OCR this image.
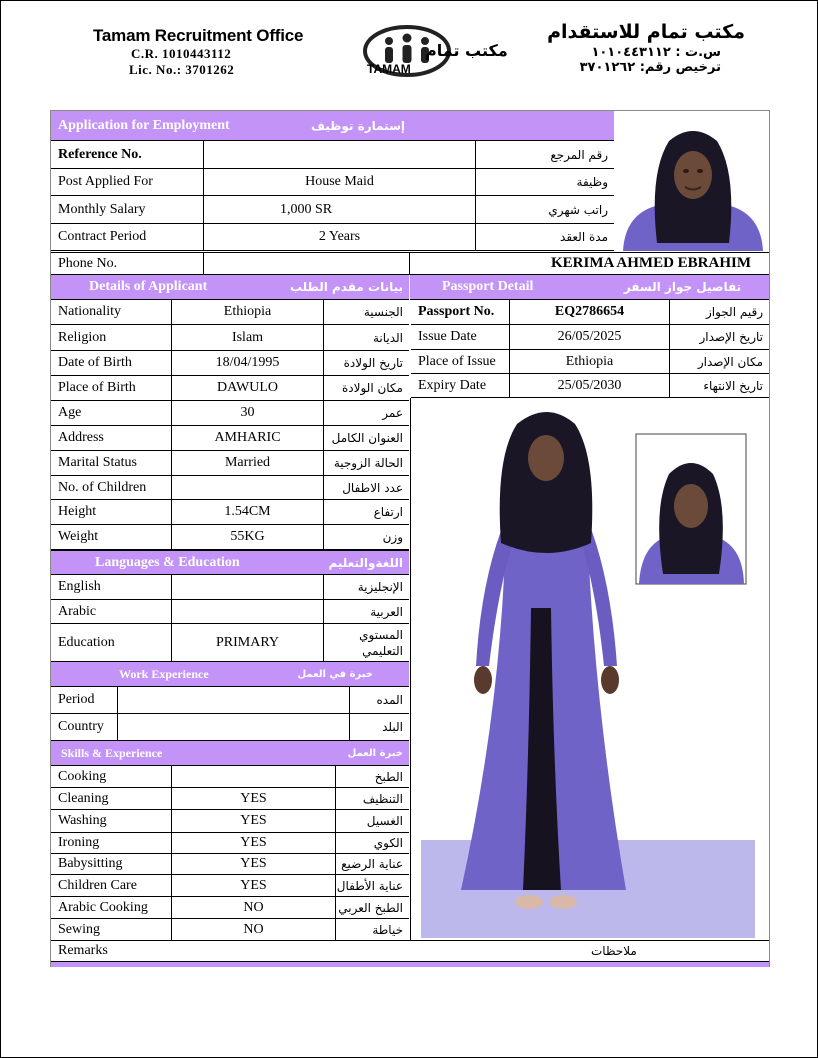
Tamam Recruitment Office
C.R. 1010443112
Lic. No.: 3701262
مكتب تمام
TAMAM
مكتب تمام للاستقدام
س.ت : ١٠١٠٤٤٣١١٢
ترخيص رقم: ٣٧٠١٢٦٢
Application for Employment	إستمارة توظيف
Reference No.	رقم المرجع
Post Applied For	House Maid	وظيفة
Monthly Salary	1,000 SR	راتب شهري
Contract Period	2 Years	مدة العقد
Phone No.	KERIMA AHMED EBRAHIM
Details of Applicant	بيانات مقدم الطلب	Passport Detail	تفاصيل جواز السفر
Nationality	Ethiopia	الجنسية
Religion	Islam	الديانة
Date of Birth	18/04/1995	تاريخ الولادة
Place of Birth	DAWULO	مكان الولادة
Age	30	عمر
Address	AMHARIC	العنوان الكامل
Marital Status	Married	الحالة الزوجية
No. of Children	عدد الاطفال
Height	1.54CM	ارتفاع
Weight	55KG	وزن
Passport No.	EQ2786654	رقيم الجواز
Issue Date	26/05/2025	تاريخ الإصدار
Place of Issue	Ethiopia	مكان الإصدار
Expiry Date	25/05/2030	تاريخ الانتهاء
Languages & Education	اللغةوالتعليم
English	الإنجليزية
Arabic	العربية
Education	PRIMARY	المستوي التعليمي
Work Experience	خبرة في العمل
Period	المده
Country	البلد
Skills & Experience	خبرة العمل
Cooking	الطبخ
Cleaning	YES	التنظيف
Washing	YES	الغسيل
Ironing	YES	الكوي
Babysitting	YES	عناية الرضيع
Children Care	YES	عناية الأطفال
Arabic Cooking	NO	الطبخ العربي
Sewing	NO	خياطة
Remarks	ملاحظات
